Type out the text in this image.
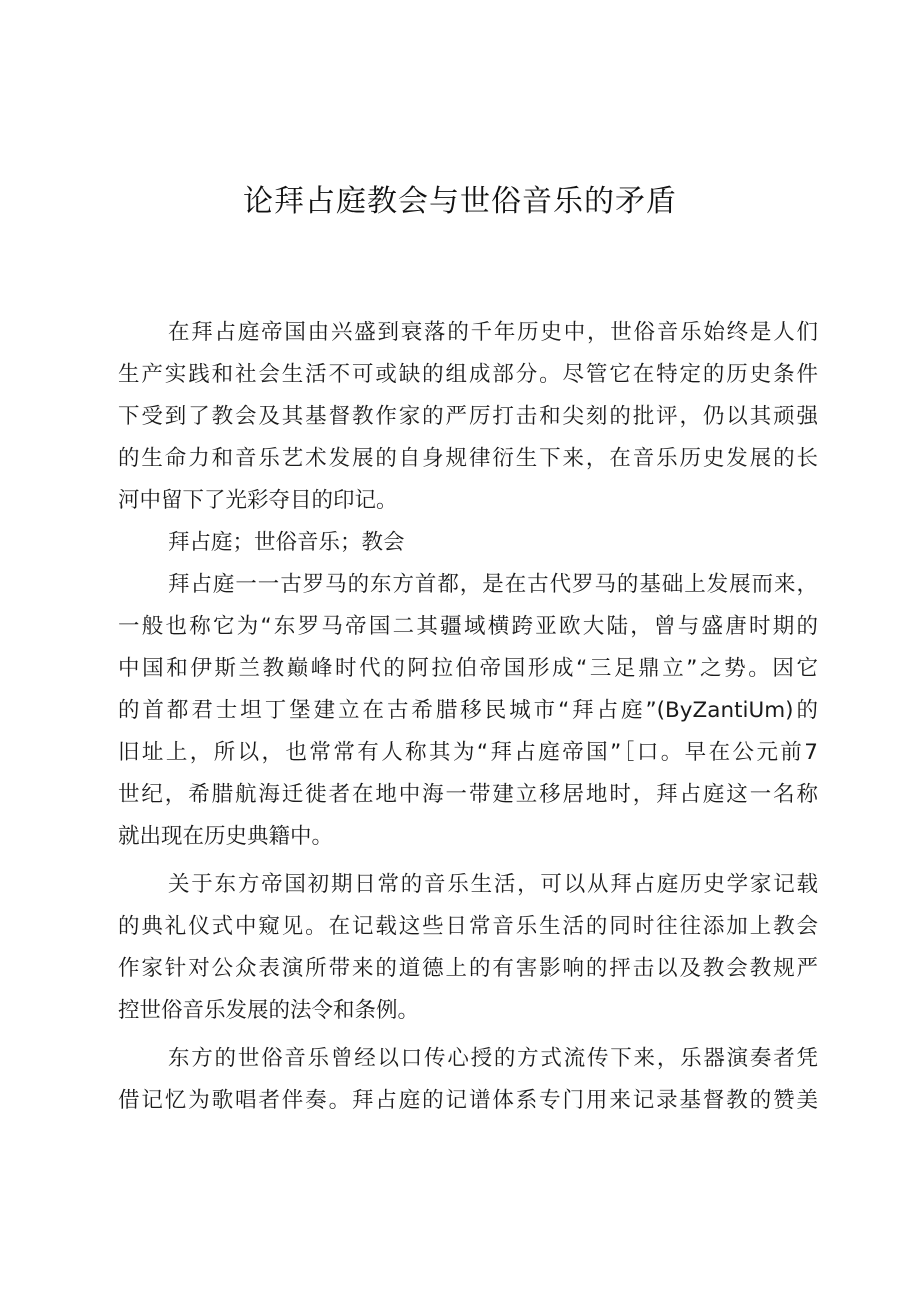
论拜占庭教会与世俗音乐的矛盾
在拜占庭帝国由兴盛到衰落的千年历史中，世俗音乐始终是人们
生产实践和社会生活不可或缺的组成部分。尽管它在特定的历史条件
下受到了教会及其基督教作家的严厉打击和尖刻的批评，仍以其顽强
的生命力和音乐艺术发展的自身规律衍生下来，在音乐历史发展的长
河中留下了光彩夺目的印记。
拜占庭；世俗音乐；教会
拜占庭一一古罗马的东方首都，是在古代罗马的基础上发展而来，
一般也称它为“东罗马帝国二其疆域横跨亚欧大陆，曾与盛唐时期的
中国和伊斯兰教巅峰时代的阿拉伯帝国形成“三足鼎立”之势。因它
的首都君士坦丁堡建立在古希腊移民城市“拜占庭”(ByZantiUm)的
旧址上，所以，也常常有人称其为“拜占庭帝国”［口。早在公元前7
世纪，希腊航海迁徙者在地中海一带建立移居地时，拜占庭这一名称
就出现在历史典籍中。
关于东方帝国初期日常的音乐生活，可以从拜占庭历史学家记载
的典礼仪式中窥见。在记载这些日常音乐生活的同时往往添加上教会
作家针对公众表演所带来的道德上的有害影响的抨击以及教会教规严
控世俗音乐发展的法令和条例。
东方的世俗音乐曾经以口传心授的方式流传下来，乐器演奏者凭
借记忆为歌唱者伴奏。拜占庭的记谱体系专门用来记录基督教的赞美
